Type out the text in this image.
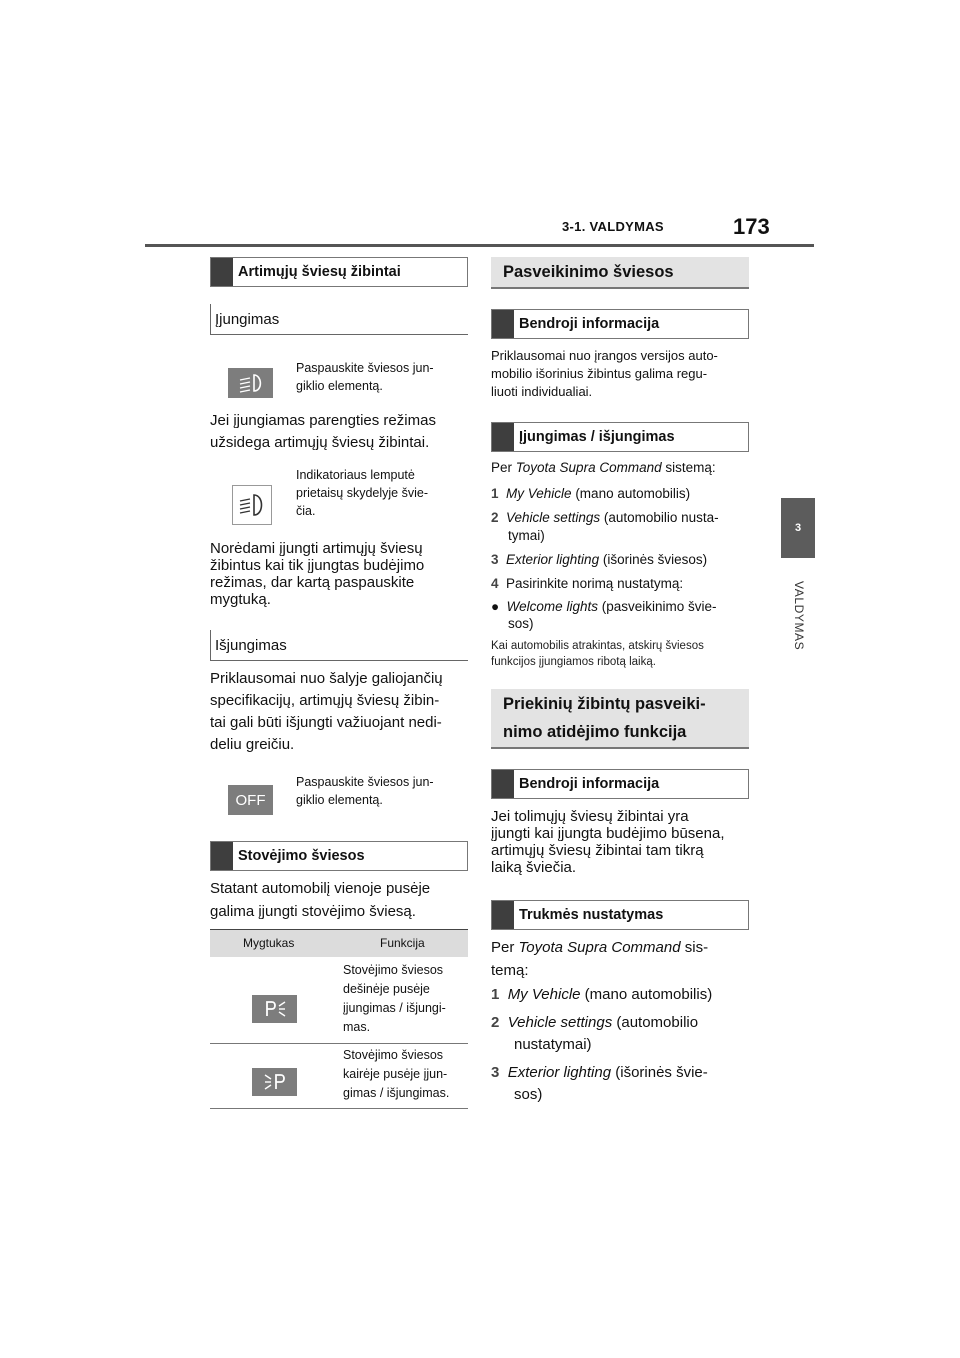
3-1. VALDYMAS	173
3
VALDYMAS
Artimųjų šviesų žibintai
Įjungimas
Paspauskite šviesos jun-
giklio elementą.
Jei įjungiamas parengties režimas
užsidega artimųjų šviesų žibintai.
Indikatoriaus lemputė
prietaisų skydelyje švie-
čia.
Norėdami įjungti artimųjų šviesų
žibintus kai tik įjungtas budėjimo
režimas, dar kartą paspauskite
mygtuką.
Išjungimas
Priklausomai nuo šalyje galiojančių
specifikacijų, artimųjų šviesų žibin-
tai gali būti išjungti važiuojant nedi-
deliu greičiu.
OFF
Paspauskite šviesos jun-
giklio elementą.
Stovėjimo šviesos
Statant automobilį vienoje pusėje
galima įjungti stovėjimo šviesą.
Mygtukas	Funkcija
Stovėjimo šviesos
dešinėje pusėje
įjungimas / išjungi-
mas.
Stovėjimo šviesos
kairėje pusėje įjun-
gimas / išjungimas.
Pasveikinimo šviesos
Bendroji informacija
Priklausomai nuo įrangos versijos auto-
mobilio išorinius žibintus galima regu-
liuoti individualiai.
Įjungimas / išjungimas
Per Toyota Supra Command sistemą:
1 My Vehicle (mano automobilis)
2 Vehicle settings (automobilio nusta-
tymai)
3 Exterior lighting (išorinės šviesos)
4 Pasirinkite norimą nustatymą:
● Welcome lights (pasveikinimo švie-
sos)
Kai automobilis atrakintas, atskirų šviesos
funkcijos įjungiamos ribotą laiką.
Priekinių žibintų pasveiki-
nimo atidėjimo funkcija
Bendroji informacija
Jei tolimųjų šviesų žibintai yra
įjungti kai įjungta budėjimo būsena,
artimųjų šviesų žibintai tam tikrą
laiką šviečia.
Trukmės nustatymas
Per Toyota Supra Command sis-
temą:
1 My Vehicle (mano automobilis)
2 Vehicle settings (automobilio
nustatymai)
3 Exterior lighting (išorinės švie-
sos)
